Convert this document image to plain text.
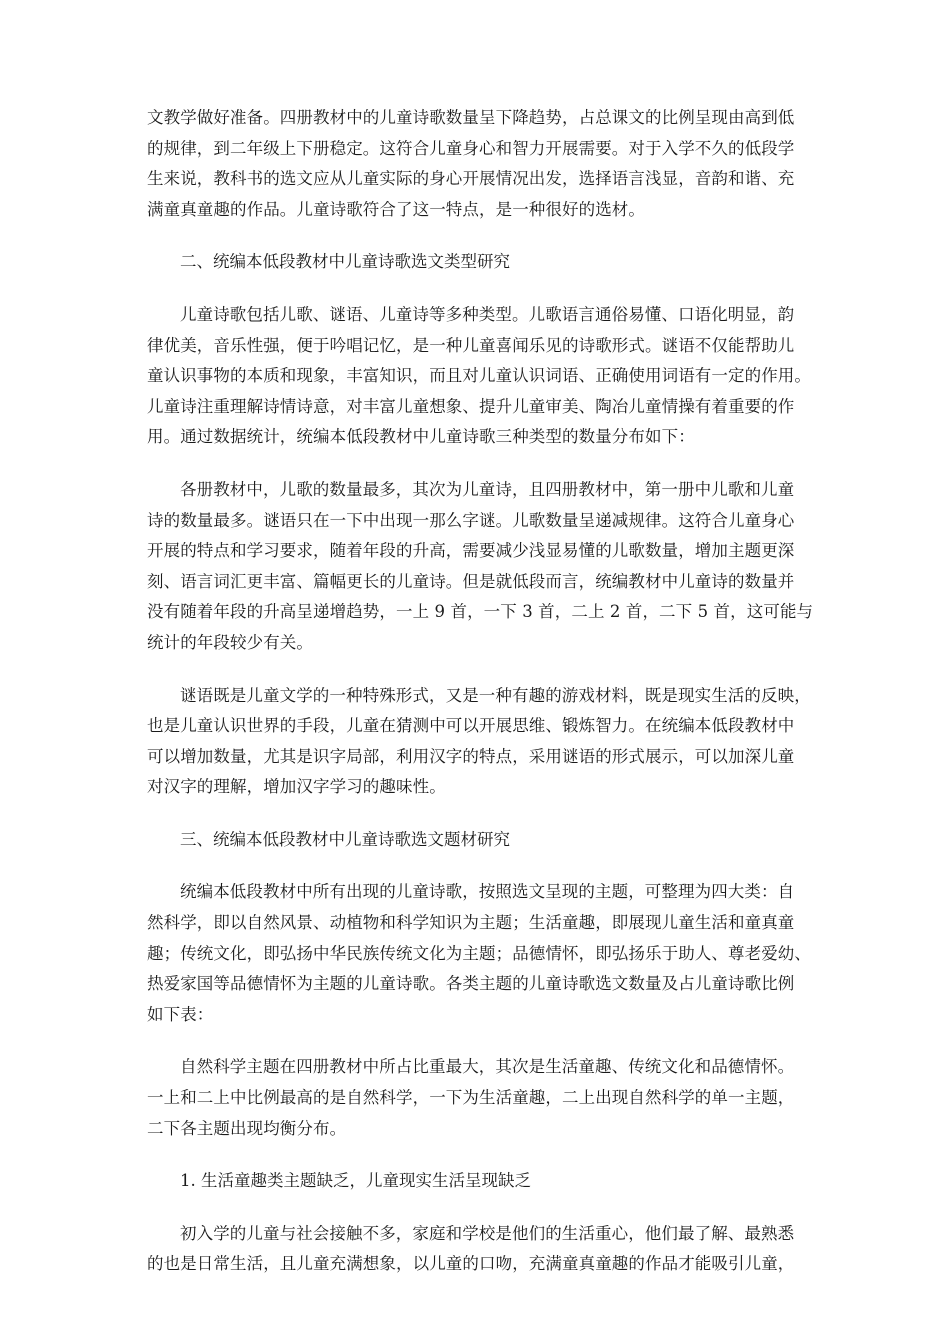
文教学做好准备。四册教材中的儿童诗歌数量呈下降趋势，占总课文的比例呈现由高到低
的规律，到二年级上下册稳定。这符合儿童身心和智力开展需要。对于入学不久的低段学
生来说，教科书的选文应从儿童实际的身心开展情况出发，选择语言浅显，音韵和谐、充
满童真童趣的作品。儿童诗歌符合了这一特点，是一种很好的选材。
二、统编本低段教材中儿童诗歌选文类型研究
儿童诗歌包括儿歌、谜语、儿童诗等多种类型。儿歌语言通俗易懂、口语化明显，韵
律优美，音乐性强，便于吟唱记忆，是一种儿童喜闻乐见的诗歌形式。谜语不仅能帮助儿
童认识事物的本质和现象，丰富知识，而且对儿童认识词语、正确使用词语有一定的作用。
儿童诗注重理解诗情诗意，对丰富儿童想象、提升儿童审美、陶冶儿童情操有着重要的作
用。通过数据统计，统编本低段教材中儿童诗歌三种类型的数量分布如下：
各册教材中，儿歌的数量最多，其次为儿童诗，且四册教材中，第一册中儿歌和儿童
诗的数量最多。谜语只在一下中出现一那么字谜。儿歌数量呈递减规律。这符合儿童身心
开展的特点和学习要求，随着年段的升高，需要减少浅显易懂的儿歌数量，增加主题更深
刻、语言词汇更丰富、篇幅更长的儿童诗。但是就低段而言，统编教材中儿童诗的数量并
没有随着年段的升高呈递增趋势，一上 9 首，一下 3 首，二上 2 首，二下 5 首，这可能与
统计的年段较少有关。
谜语既是儿童文学的一种特殊形式，又是一种有趣的游戏材料，既是现实生活的反映，
也是儿童认识世界的手段，儿童在猜测中可以开展思维、锻炼智力。在统编本低段教材中
可以增加数量，尤其是识字局部，利用汉字的特点，采用谜语的形式展示，可以加深儿童
对汉字的理解，增加汉字学习的趣味性。
三、统编本低段教材中儿童诗歌选文题材研究
统编本低段教材中所有出现的儿童诗歌，按照选文呈现的主题，可整理为四大类：自
然科学，即以自然风景、动植物和科学知识为主题；生活童趣，即展现儿童生活和童真童
趣；传统文化，即弘扬中华民族传统文化为主题；品德情怀，即弘扬乐于助人、尊老爱幼、
热爱家国等品德情怀为主题的儿童诗歌。各类主题的儿童诗歌选文数量及占儿童诗歌比例
如下表：
自然科学主题在四册教材中所占比重最大，其次是生活童趣、传统文化和品德情怀。
一上和二上中比例最高的是自然科学，一下为生活童趣，二上出现自然科学的单一主题，
二下各主题出现均衡分布。
1. 生活童趣类主题缺乏，儿童现实生活呈现缺乏
初入学的儿童与社会接触不多，家庭和学校是他们的生活重心，他们最了解、最熟悉
的也是日常生活，且儿童充满想象，以儿童的口吻，充满童真童趣的作品才能吸引儿童，
